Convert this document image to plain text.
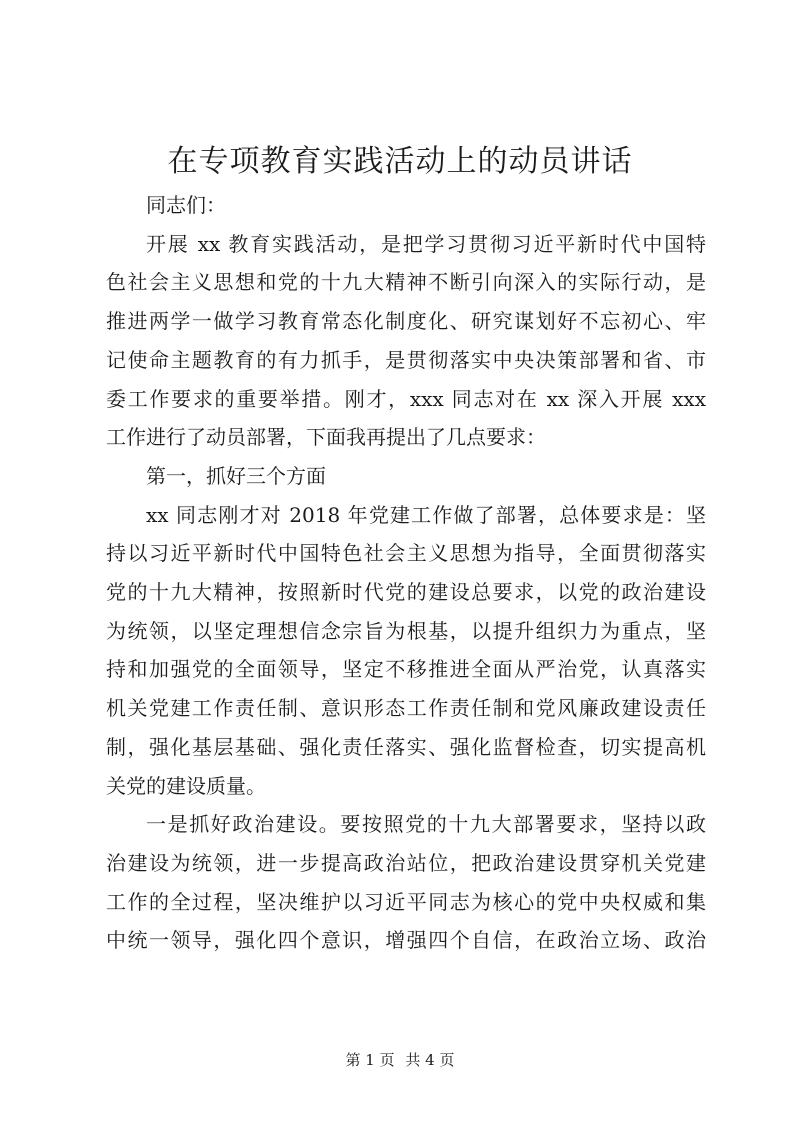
在专项教育实践活动上的动员讲话
同志们：
开展 xx 教育实践活动，是把学习贯彻习近平新时代中国特
色社会主义思想和党的十九大精神不断引向深入的实际行动，是
推进两学一做学习教育常态化制度化、研究谋划好不忘初心、牢
记使命主题教育的有力抓手，是贯彻落实中央决策部署和省、市
委工作要求的重要举措。刚才，xxx 同志对在 xx 深入开展 xxx
工作进行了动员部署，下面我再提出了几点要求：
第一，抓好三个方面
xx 同志刚才对 2018 年党建工作做了部署，总体要求是：坚
持以习近平新时代中国特色社会主义思想为指导，全面贯彻落实
党的十九大精神，按照新时代党的建设总要求，以党的政治建设
为统领，以坚定理想信念宗旨为根基，以提升组织力为重点，坚
持和加强党的全面领导，坚定不移推进全面从严治党，认真落实
机关党建工作责任制、意识形态工作责任制和党风廉政建设责任
制，强化基层基础、强化责任落实、强化监督检查，切实提高机
关党的建设质量。
一是抓好政治建设。要按照党的十九大部署要求，坚持以政
治建设为统领，进一步提高政治站位，把政治建设贯穿机关党建
工作的全过程，坚决维护以习近平同志为核心的党中央权威和集
中统一领导，强化四个意识，增强四个自信，在政治立场、政治
第 1 页 共 4 页
